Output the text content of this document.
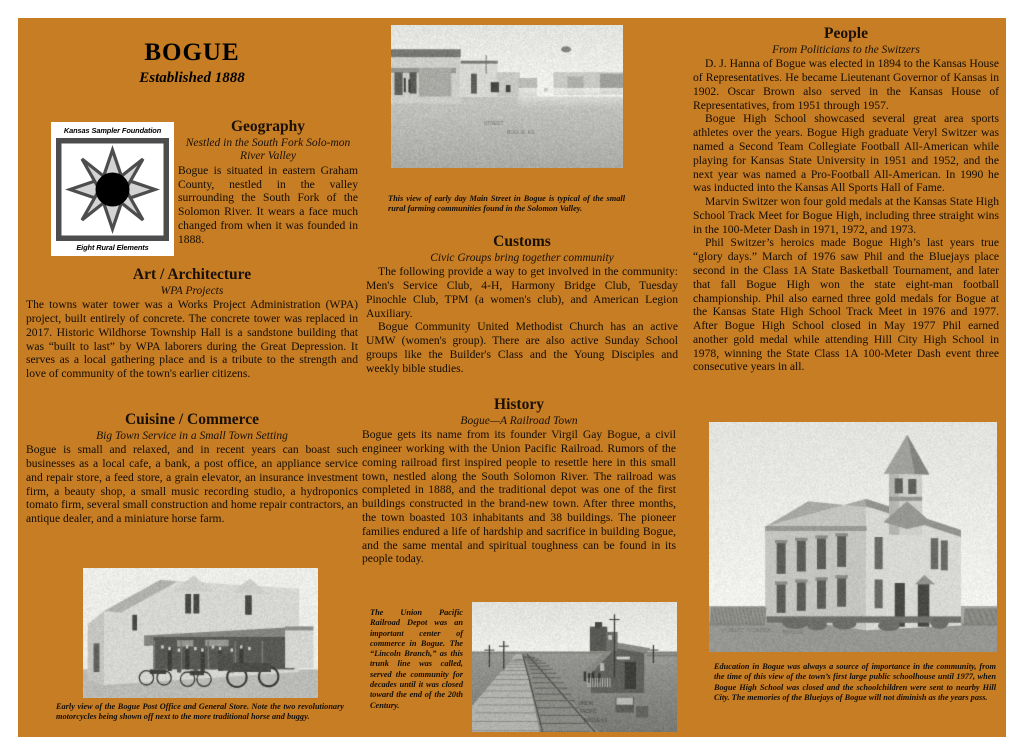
BOGUE
Established 1888
Kansas Sampler Foundation
Eight Rural Elements
Geography
Nestled in the South Fork Solo-mon River Valley
Bogue is situated in eastern Graham County, nestled in the valley surrounding the South Fork of the Solomon River. It wears a face much changed from when it was founded in 1888.
Art / Architecture
WPA Projects
The towns water tower was a Works Project Administration (WPA) project, built entirely of concrete. The concrete tower was replaced in 2017. Historic Wildhorse Township Hall is a sandstone building that was “built to last” by WPA laborers during the Great Depression. It serves as a local gathering place and is a tribute to the strength and love of community of the town's earlier citizens.
Cuisine / Commerce
Big Town Service in a Small Town Setting
Bogue is small and relaxed, and in recent years can boast such businesses as a local cafe, a bank, a post office, an appliance service and repair store, a feed store, a grain elevator, an insurance investment firm, a beauty shop, a small music recording studio, a hydroponics tomato firm, several small construction and home repair contractors, an antique dealer, and a miniature horse farm.
Early view of the Bogue Post Office and General Store. Note the two revolutionary motorcycles being shown off next to the more traditional horse and buggy.
This view of early day Main Street in Bogue is typical of the small rural farming communities found in the Solomon Valley.
Customs
Civic Groups bring together community

The following provide a way to get involved in the community: Men's Service Club, 4-H, Harmony Bridge Club, Tuesday Pinochle Club, TPM (a women's club), and American Legion Auxiliary.

Bogue Community United Methodist Church has an active UMW (women's group). There are also active Sunday School groups like the Builder's Class and the Young Disciples and weekly bible studies.

History
Bogue—A Railroad Town
Bogue gets its name from its founder Virgil Gay Bogue, a civil engineer working with the Union Pacific Railroad. Rumors of the coming railroad first inspired people to resettle here in this small town, nestled along the South Solomon River. The railroad was completed in 1888, and the traditional depot was one of the first buildings constructed in the brand-new town. After three months, the town boasted 103 inhabitants and 38 buildings. The pioneer families endured a life of hardship and sacrifice in building Bogue, and the same mental and spiritual toughness can be found in its people today.
The Union Pacific Railroad Depot was an important center of commerce in Bogue. The “Lincoln Branch,” as this trunk line was called, served the community for decades until it was closed toward the end of the 20th Century.
People
From Politicians to the Switzers

D. J. Hanna of Bogue was elected in 1894 to the Kansas House of Representatives. He became Lieutenant Governor of Kansas in 1902. Oscar Brown also served in the Kansas House of Representatives, from 1951 through 1957.

Bogue High School showcased several great area sports athletes over the years. Bogue High graduate Veryl Switzer was named a Second Team Collegiate Football All-American while playing for Kansas State University in 1951 and 1952, and the next year was named a Pro-Football All-American. In 1990 he was inducted into the Kansas All Sports Hall of Fame.

Marvin Switzer won four gold medals at the Kansas State High School Track Meet for Bogue High, including three straight wins in the 100-Meter Dash in 1971, 1972, and 1973.

Phil Switzer’s heroics made Bogue High’s last years true “glory days.” March of 1976 saw Phil and the Bluejays place second in the Class 1A State Basketball Tournament, and later that fall Bogue High won the state eight-man football championship. Phil also earned three gold medals for Bogue at the Kansas State High School Track Meet in 1976 and 1977. After Bogue High School closed in May 1977 Phil earned another gold medal while attending Hill City High School in 1978, winning the State Class 1A 100-Meter Dash event three consecutive years in all.

Education in Bogue was always a source of importance in the community, from the time of this view of the town’s first large public schoolhouse until 1977, when Bogue High School was closed and the schoolchildren were sent to nearby Hill City. The memories of the Bluejays of Bogue will not diminish as the years pass.
